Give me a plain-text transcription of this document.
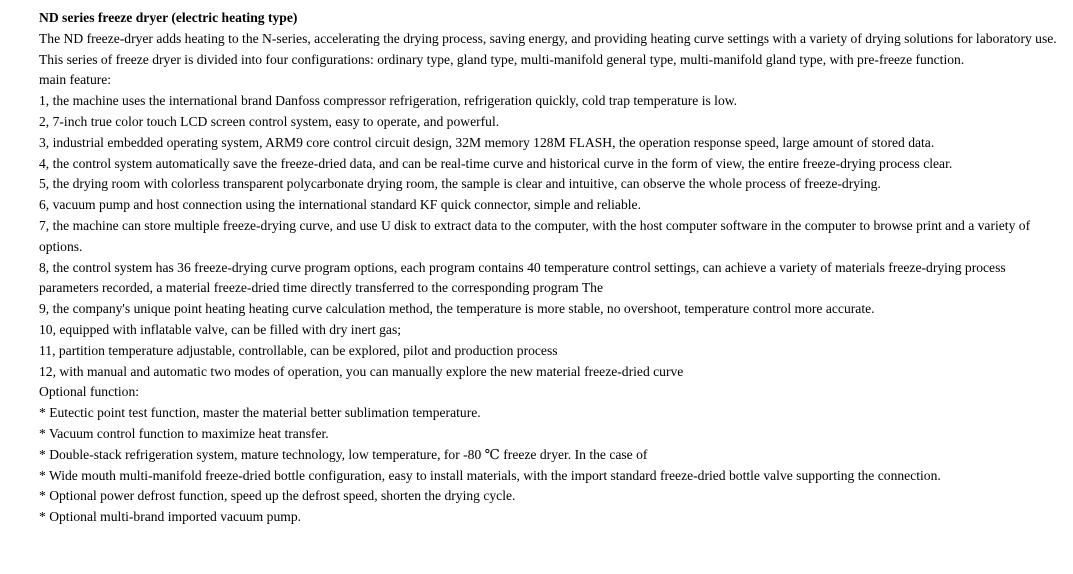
ND series freeze dryer (electric heating type)
The ND freeze-dryer adds heating to the N-series, accelerating the drying process, saving energy, and providing heating curve settings with a variety of drying solutions for laboratory use.
This series of freeze dryer is divided into four configurations: ordinary type, gland type, multi-manifold general type, multi-manifold gland type, with pre-freeze function.
main feature:
1, the machine uses the international brand Danfoss compressor refrigeration, refrigeration quickly, cold trap temperature is low.
2, 7-inch true color touch LCD screen control system, easy to operate, and powerful.
3, industrial embedded operating system, ARM9 core control circuit design, 32M memory 128M FLASH, the operation response speed, large amount of stored data.
4, the control system automatically save the freeze-dried data, and can be real-time curve and historical curve in the form of view, the entire freeze-drying process clear.
5, the drying room with colorless transparent polycarbonate drying room, the sample is clear and intuitive, can observe the whole process of freeze-drying.
6, vacuum pump and host connection using the international standard KF quick connector, simple and reliable.
7, the machine can store multiple freeze-drying curve, and use U disk to extract data to the computer, with the host computer software in the computer to browse print and a variety of options.
8, the control system has 36 freeze-drying curve program options, each program contains 40 temperature control settings, can achieve a variety of materials freeze-drying process parameters recorded, a material freeze-dried time directly transferred to the corresponding program The
9, the company's unique point heating heating curve calculation method, the temperature is more stable, no overshoot, temperature control more accurate.
10, equipped with inflatable valve, can be filled with dry inert gas;
11, partition temperature adjustable, controllable, can be explored, pilot and production process
12, with manual and automatic two modes of operation, you can manually explore the new material freeze-dried curve
Optional function:
* Eutectic point test function, master the material better sublimation temperature.
* Vacuum control function to maximize heat transfer.
* Double-stack refrigeration system, mature technology, low temperature, for -80 ℃ freeze dryer. In the case of
* Wide mouth multi-manifold freeze-dried bottle configuration, easy to install materials, with the import standard freeze-dried bottle valve supporting the connection.
* Optional power defrost function, speed up the defrost speed, shorten the drying cycle.
* Optional multi-brand imported vacuum pump.
